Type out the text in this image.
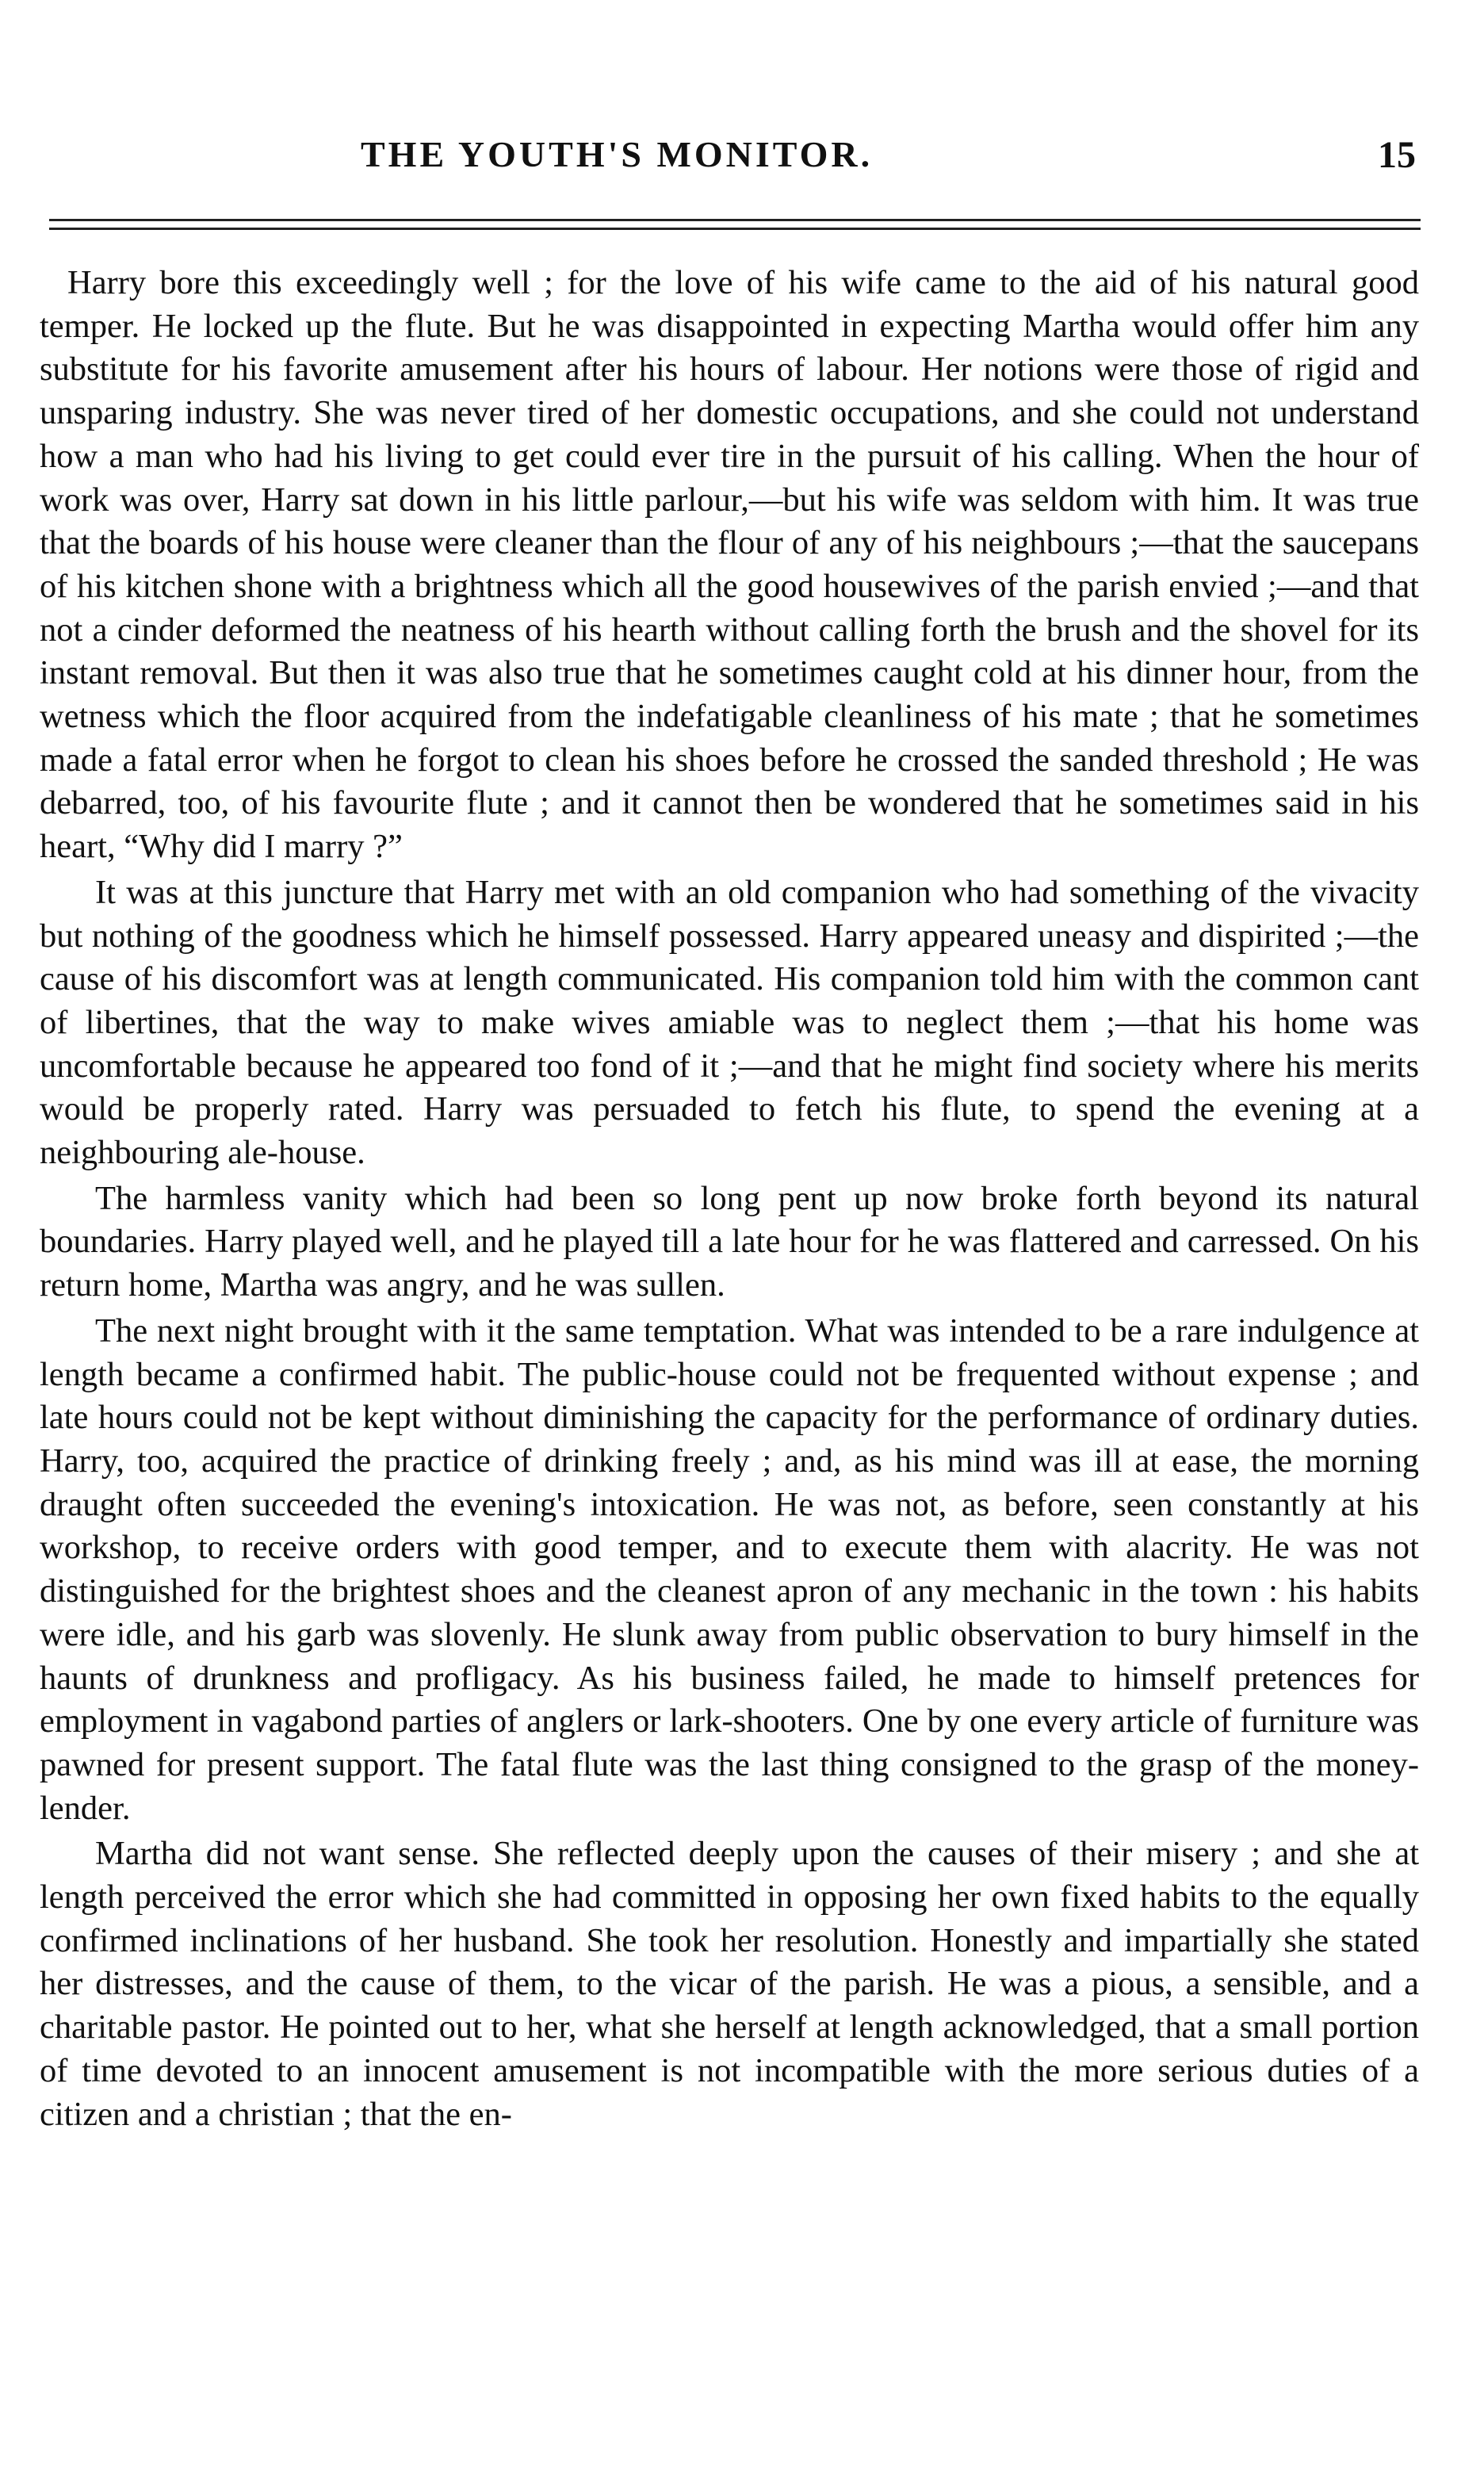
THE YOUTH'S MONITOR.	15

Harry bore this exceedingly well ; for the love of his wife came to the aid of his natural good temper. He locked up the flute. But he was disappointed in expecting Martha would offer him any substitute for his favorite amusement after his hours of labour. Her notions were those of rigid and unsparing industry. She was never tired of her domestic occupations, and she could not understand how a man who had his living to get could ever tire in the pursuit of his calling. When the hour of work was over, Harry sat down in his little parlour,—but his wife was seldom with him. It was true that the boards of his house were cleaner than the flour of any of his neighbours ;—that the saucepans of his kitchen shone with a brightness which all the good housewives of the parish envied ;—and that not a cinder deformed the neatness of his hearth without calling forth the brush and the shovel for its instant removal. But then it was also true that he sometimes caught cold at his dinner hour, from the wetness which the floor acquired from the indefatigable cleanliness of his mate ; that he sometimes made a fatal error when he forgot to clean his shoes before he crossed the sanded threshold ; He was debarred, too, of his favourite flute ; and it cannot then be wondered that he sometimes said in his heart, “Why did I marry ?”

It was at this juncture that Harry met with an old companion who had something of the vivacity but nothing of the goodness which he himself possessed. Harry appeared uneasy and dispirited ;—the cause of his discomfort was at length communicated. His companion told him with the common cant of libertines, that the way to make wives amiable was to neglect them ;—that his home was uncomfortable because he appeared too fond of it ;—and that he might find society where his merits would be properly rated. Harry was persuaded to fetch his flute, to spend the evening at a neighbouring ale-house.

The harmless vanity which had been so long pent up now broke forth beyond its natural boundaries. Harry played well, and he played till a late hour for he was flattered and carressed. On his return home, Martha was angry, and he was sullen.

The next night brought with it the same temptation. What was intended to be a rare indulgence at length became a confirmed habit. The public-house could not be frequented without expense ; and late hours could not be kept without diminishing the capacity for the performance of ordinary duties. Harry, too, acquired the practice of drinking freely ; and, as his mind was ill at ease, the morning draught often succeeded the evening's intoxication. He was not, as before, seen constantly at his workshop, to receive orders with good temper, and to execute them with alacrity. He was not distinguished for the brightest shoes and the cleanest apron of any mechanic in the town : his habits were idle, and his garb was slovenly. He slunk away from public observation to bury himself in the haunts of drunkness and profligacy. As his business failed, he made to himself pretences for employment in vagabond parties of anglers or lark-shooters. One by one every article of furniture was pawned for present support. The fatal flute was the last thing consigned to the grasp of the money-lender.

Martha did not want sense. She reflected deeply upon the causes of their misery ; and she at length perceived the error which she had committed in opposing her own fixed habits to the equally confirmed inclinations of her husband. She took her resolution. Honestly and impartially she stated her distresses, and the cause of them, to the vicar of the parish. He was a pious, a sensible, and a charitable pastor. He pointed out to her, what she herself at length acknowledged, that a small portion of time devoted to an innocent amusement is not incompatible with the more serious duties of a citizen and a christian ; that the en-
